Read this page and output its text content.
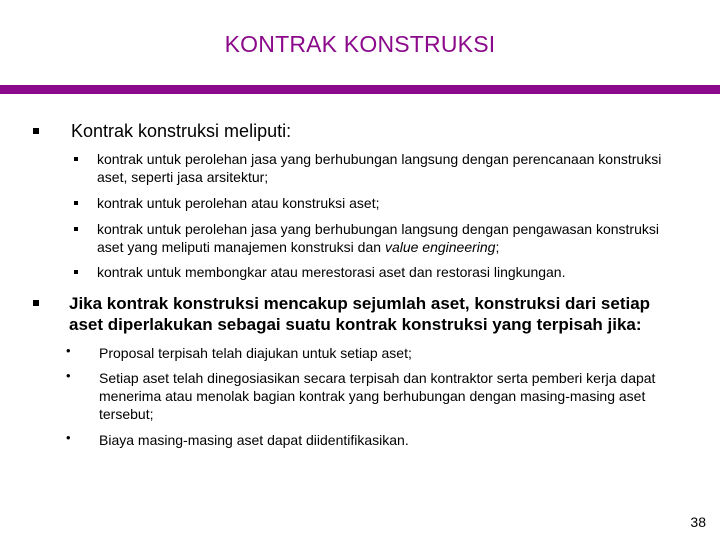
KONTRAK KONSTRUKSI
Kontrak konstruksi meliputi:
kontrak untuk perolehan jasa yang berhubungan langsung dengan perencanaan konstruksi aset, seperti jasa arsitektur;
kontrak untuk perolehan atau konstruksi aset;
kontrak untuk perolehan jasa yang berhubungan langsung dengan pengawasan konstruksi aset yang meliputi manajemen konstruksi dan value engineering;
kontrak untuk membongkar atau merestorasi aset dan restorasi lingkungan.
Jika kontrak konstruksi mencakup sejumlah aset, konstruksi dari setiap aset diperlakukan sebagai suatu kontrak konstruksi yang terpisah jika:
• Proposal terpisah telah diajukan untuk setiap aset;
• Setiap aset telah dinegosiasikan secara terpisah dan kontraktor serta pemberi kerja dapat menerima atau menolak bagian kontrak yang berhubungan dengan masing-masing aset tersebut;
• Biaya masing-masing aset dapat diidentifikasikan.
38
